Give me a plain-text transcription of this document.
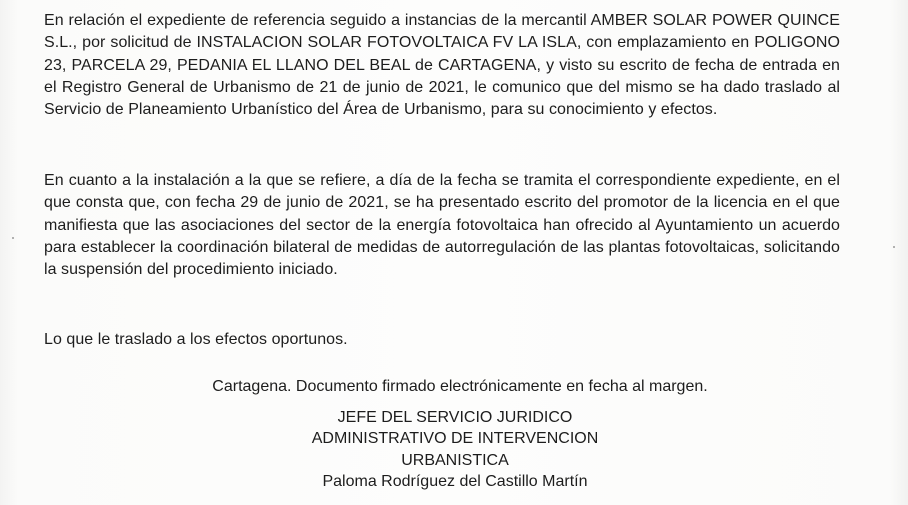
En relación el expediente de referencia seguido a instancias de la mercantil AMBER SOLAR POWER QUINCE S.L., por solicitud de INSTALACION SOLAR FOTOVOLTAICA FV LA ISLA, con emplazamiento en POLIGONO 23, PARCELA 29, PEDANIA EL LLANO DEL BEAL de CARTAGENA, y visto su escrito de fecha de entrada en el Registro General de Urbanismo de 21 de junio de 2021, le comunico que del mismo se ha dado traslado al Servicio de Planeamiento Urbanístico del Área de Urbanismo, para su conocimiento y efectos.

En cuanto a la instalación a la que se refiere, a día de la fecha se tramita el correspondiente expediente, en el que consta que, con fecha 29 de junio de 2021, se ha presentado escrito del promotor de la licencia en el que manifiesta que las asociaciones del sector de la energía fotovoltaica han ofrecido al Ayuntamiento un acuerdo para establecer la coordinación bilateral de medidas de autorregulación de las plantas fotovoltaicas, solicitando la suspensión del procedimiento iniciado.

Lo que le traslado a los efectos oportunos.

Cartagena. Documento firmado electrónicamente en fecha al margen.
JEFE DEL SERVICIO JURIDICO
ADMINISTRATIVO DE INTERVENCION
URBANISTICA
Paloma Rodríguez del Castillo Martín
